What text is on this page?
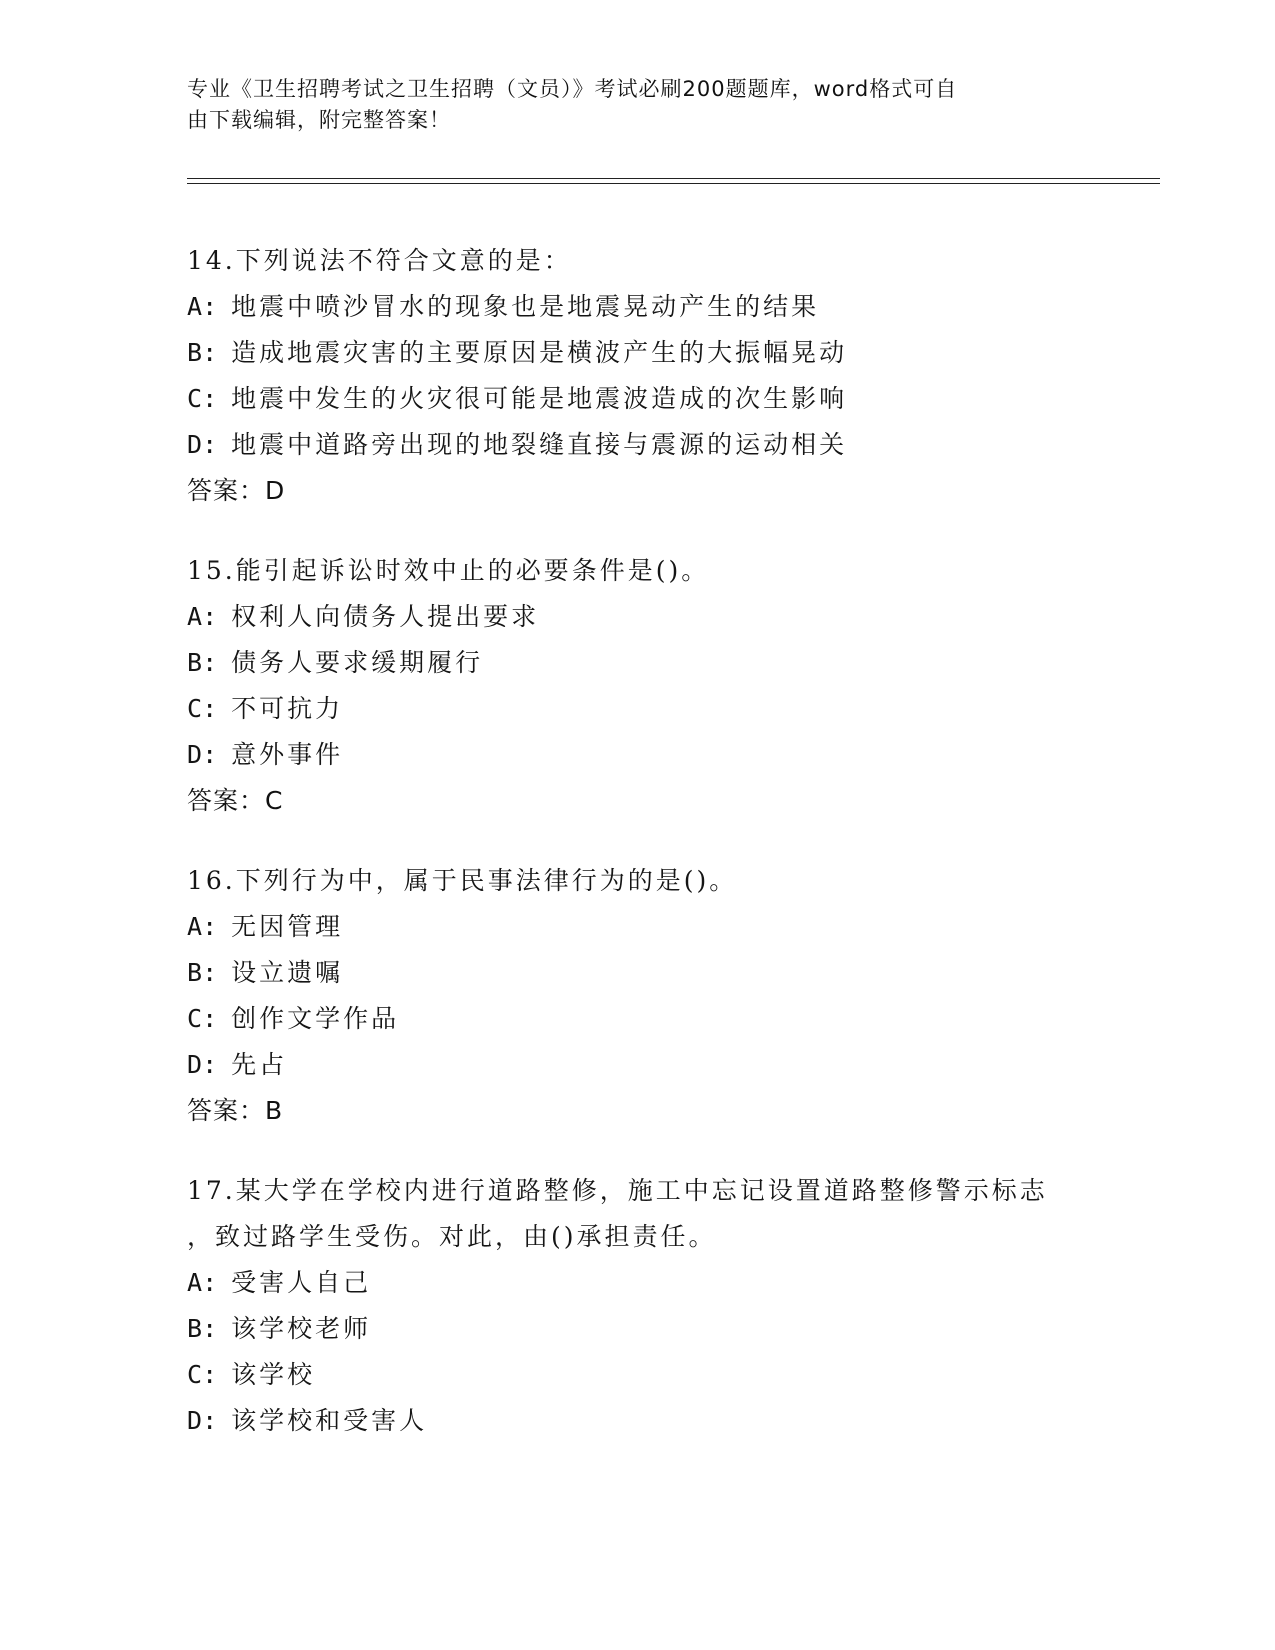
专业《卫生招聘考试之卫生招聘（文员）》考试必刷200题题库，word格式可自
由下载编辑，附完整答案！
14.下列说法不符合文意的是：
A: 地震中喷沙冒水的现象也是地震晃动产生的结果
B: 造成地震灾害的主要原因是横波产生的大振幅晃动
C: 地震中发生的火灾很可能是地震波造成的次生影响
D: 地震中道路旁出现的地裂缝直接与震源的运动相关
答案：D
15.能引起诉讼时效中止的必要条件是()。
A: 权利人向债务人提出要求
B: 债务人要求缓期履行
C: 不可抗力
D: 意外事件
答案：C
16.下列行为中，属于民事法律行为的是()。
A: 无因管理
B: 设立遗嘱
C: 创作文学作品
D: 先占
答案：B
17.某大学在学校内进行道路整修，施工中忘记设置道路整修警示标志
，致过路学生受伤。对此，由()承担责任。
A: 受害人自己
B: 该学校老师
C: 该学校
D: 该学校和受害人
